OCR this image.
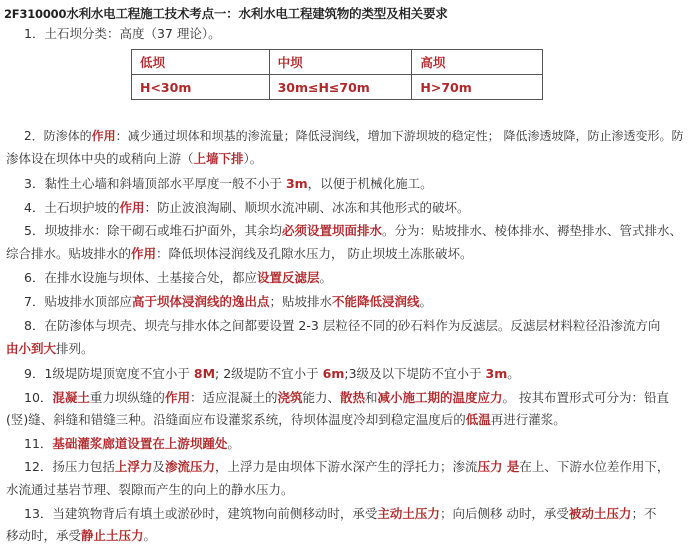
2F310000水利水电工程施工技术考点一：水利水电工程建筑物的类型及相关要求
1．土石坝分类：高度（37 理论）。
低坝	中坝	高坝
H<30m	30m≤H≤70m	H>70m
2．防渗体的作用：减少通过坝体和坝基的渗流量；降低浸润线，增加下游坝坡的稳定性； 降低渗透坡降，防止渗透变形。防
渗体设在坝体中央的或稍向上游（上墙下排）。
3．黏性土心墙和斜墙顶部水平厚度一般不小于 3m，以便于机械化施工。
4．土石坝护坡的作用：防止波浪淘刷、顺坝水流冲刷、冰冻和其他形式的破坏。
5．坝坡排水：除干砌石或堆石护面外，其余均必须设置坝面排水。分为：贴坡排水、棱体排水、褥垫排水、管式排水、
综合排水。贴坡排水的作用：降低坝体浸润线及孔隙水压力， 防止坝坡土冻胀破坏。
6．在排水设施与坝体、土基接合处，都应设置反滤层。
7．贴坡排水顶部应高于坝体浸润线的逸出点；贴坡排水不能降低浸润线。
8．在防渗体与坝壳、坝壳与排水体之间都要设置 2-3 层粒径不同的砂石料作为反滤层。反滤层材料粒径沿渗流方向
由小到大排列。
9．1级堤防堤顶宽度不宜小于 8M; 2级堤防不宜小于 6m;3级及以下堤防不宜小于 3m。
10．混凝土重力坝纵缝的作用：适应混凝土的浇筑能力、散热和减小施工期的温度应力。 按其布置形式可分为：铅直
(竖)缝、斜缝和错缝三种。沿缝面应布设灌浆系统，待坝体温度冷却到稳定温度后的低温再进行灌浆。
11．基础灌浆廊道设置在上游坝踵处。
12．扬压力包括上浮力及渗流压力，上浮力是由坝体下游水深产生的浮托力；渗流压力 是在上、下游水位差作用下，
水流通过基岩节理、裂隙而产生的向上的静水压力。
13．当建筑物背后有填土或淤砂时，建筑物向前侧移动时，承受主动土压力；向后侧移 动时，承受被动土压力；不
移动时，承受静止土压力。
